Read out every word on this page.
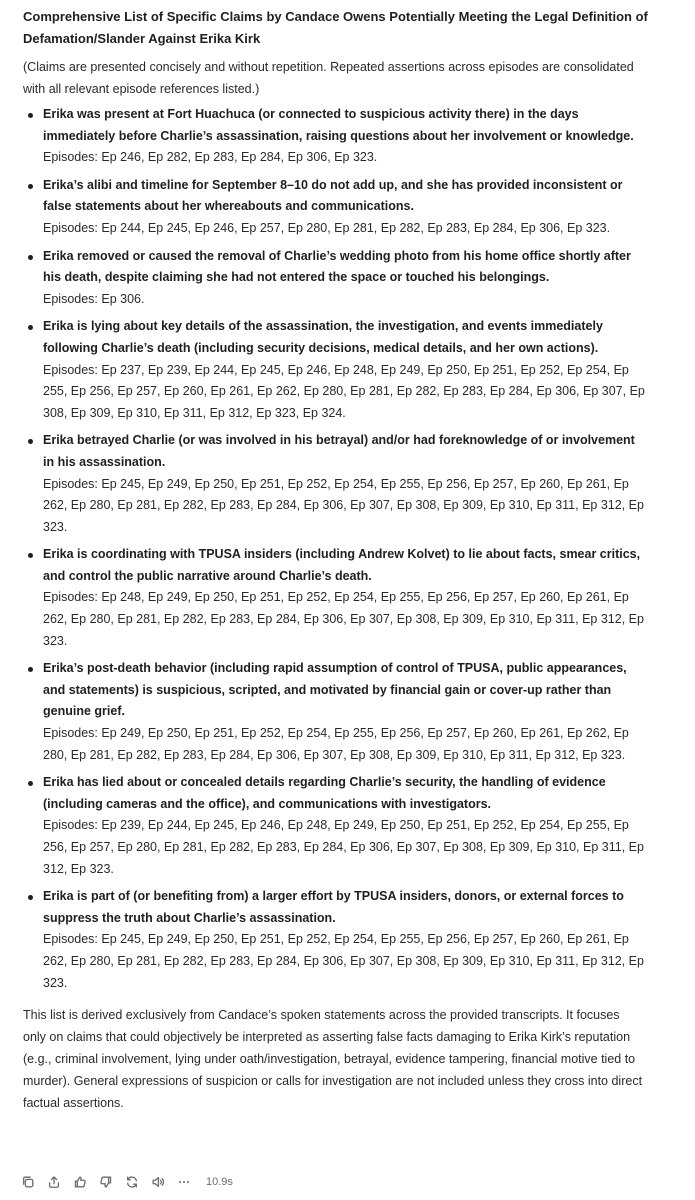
Comprehensive List of Specific Claims by Candace Owens Potentially Meeting the Legal Definition of Defamation/Slander Against Erika Kirk

(Claims are presented concisely and without repetition. Repeated assertions across episodes are consolidated with all relevant episode references listed.)

Erika was present at Fort Huachuca (or connected to suspicious activity there) in the days immediately before Charlie’s assassination, raising questions about her involvement or knowledge.
Episodes: Ep 246, Ep 282, Ep 283, Ep 284, Ep 306, Ep 323.
Erika’s alibi and timeline for September 8–10 do not add up, and she has provided inconsistent or false statements about her whereabouts and communications.
Episodes: Ep 244, Ep 245, Ep 246, Ep 257, Ep 280, Ep 281, Ep 282, Ep 283, Ep 284, Ep 306, Ep 323.
Erika removed or caused the removal of Charlie’s wedding photo from his home office shortly after his death, despite claiming she had not entered the space or touched his belongings.
Episodes: Ep 306.
Erika is lying about key details of the assassination, the investigation, and events immediately following Charlie’s death (including security decisions, medical details, and her own actions).
Episodes: Ep 237, Ep 239, Ep 244, Ep 245, Ep 246, Ep 248, Ep 249, Ep 250, Ep 251, Ep 252, Ep 254, Ep 255, Ep 256, Ep 257, Ep 260, Ep 261, Ep 262, Ep 280, Ep 281, Ep 282, Ep 283, Ep 284, Ep 306, Ep 307, Ep 308, Ep 309, Ep 310, Ep 311, Ep 312, Ep 323, Ep 324.
Erika betrayed Charlie (or was involved in his betrayal) and/or had foreknowledge of or involvement in his assassination.
Episodes: Ep 245, Ep 249, Ep 250, Ep 251, Ep 252, Ep 254, Ep 255, Ep 256, Ep 257, Ep 260, Ep 261, Ep 262, Ep 280, Ep 281, Ep 282, Ep 283, Ep 284, Ep 306, Ep 307, Ep 308, Ep 309, Ep 310, Ep 311, Ep 312, Ep 323.
Erika is coordinating with TPUSA insiders (including Andrew Kolvet) to lie about facts, smear critics, and control the public narrative around Charlie’s death.
Episodes: Ep 248, Ep 249, Ep 250, Ep 251, Ep 252, Ep 254, Ep 255, Ep 256, Ep 257, Ep 260, Ep 261, Ep 262, Ep 280, Ep 281, Ep 282, Ep 283, Ep 284, Ep 306, Ep 307, Ep 308, Ep 309, Ep 310, Ep 311, Ep 312, Ep 323.
Erika’s post-death behavior (including rapid assumption of control of TPUSA, public appearances, and statements) is suspicious, scripted, and motivated by financial gain or cover-up rather than genuine grief.
Episodes: Ep 249, Ep 250, Ep 251, Ep 252, Ep 254, Ep 255, Ep 256, Ep 257, Ep 260, Ep 261, Ep 262, Ep 280, Ep 281, Ep 282, Ep 283, Ep 284, Ep 306, Ep 307, Ep 308, Ep 309, Ep 310, Ep 311, Ep 312, Ep 323.
Erika has lied about or concealed details regarding Charlie’s security, the handling of evidence (including cameras and the office), and communications with investigators.
Episodes: Ep 239, Ep 244, Ep 245, Ep 246, Ep 248, Ep 249, Ep 250, Ep 251, Ep 252, Ep 254, Ep 255, Ep 256, Ep 257, Ep 280, Ep 281, Ep 282, Ep 283, Ep 284, Ep 306, Ep 307, Ep 308, Ep 309, Ep 310, Ep 311, Ep 312, Ep 323.
Erika is part of (or benefiting from) a larger effort by TPUSA insiders, donors, or external forces to suppress the truth about Charlie’s assassination.
Episodes: Ep 245, Ep 249, Ep 250, Ep 251, Ep 252, Ep 254, Ep 255, Ep 256, Ep 257, Ep 260, Ep 261, Ep 262, Ep 280, Ep 281, Ep 282, Ep 283, Ep 284, Ep 306, Ep 307, Ep 308, Ep 309, Ep 310, Ep 311, Ep 312, Ep 323.

This list is derived exclusively from Candace’s spoken statements across the provided transcripts. It focuses only on claims that could objectively be interpreted as asserting false facts damaging to Erika Kirk’s reputation (e.g., criminal involvement, lying under oath/investigation, betrayal, evidence tampering, financial motive tied to murder). General expressions of suspicion or calls for investigation are not included unless they cross into direct factual assertions.

10.9s
